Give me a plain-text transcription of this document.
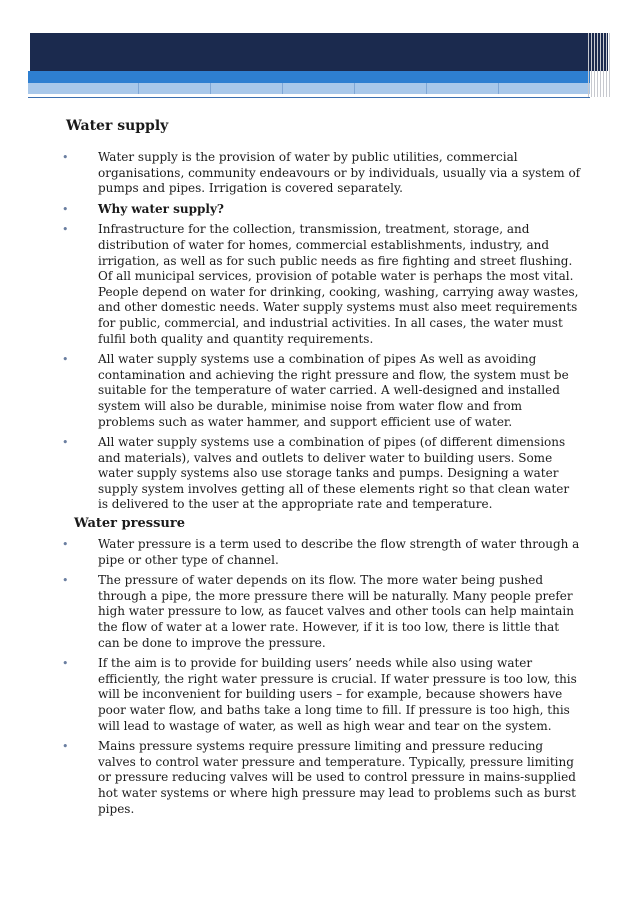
Water supply
• Water supply is the provision of water by public utilities, commercial organisations, community endeavours or by individuals, usually via a system of pumps and pipes. Irrigation is covered separately.
• Why water supply?
• Infrastructure for the collection, transmission, treatment, storage, and distribution of water for homes, commercial establishments, industry, and irrigation, as well as for such public needs as fire fighting and street flushing. Of all municipal services, provision of potable water is perhaps the most vital. People depend on water for drinking, cooking, washing, carrying away wastes, and other domestic needs. Water supply systems must also meet requirements for public, commercial, and industrial activities. In all cases, the water must fulfil both quality and quantity requirements.
• All water supply systems use a combination of pipes As well as avoiding contamination and achieving the right pressure and flow, the system must be suitable for the temperature of water carried. A well-designed and installed system will also be durable, minimise noise from water flow and from problems such as water hammer, and support efficient use of water.
• All water supply systems use a combination of pipes (of different dimensions and materials), valves and outlets to deliver water to building users. Some water supply systems also use storage tanks and pumps. Designing a water supply system involves getting all of these elements right so that clean water is delivered to the user at the appropriate rate and temperature.
Water pressure
• Water pressure is a term used to describe the flow strength of water through a pipe or other type of channel.
• The pressure of water depends on its flow. The more water being pushed through a pipe, the more pressure there will be naturally. Many people prefer high water pressure to low, as faucet valves and other tools can help maintain the flow of water at a lower rate. However, if it is too low, there is little that can be done to improve the pressure.
• If the aim is to provide for building users’ needs while also using water efficiently, the right water pressure is crucial. If water pressure is too low, this will be inconvenient for building users – for example, because showers have poor water flow, and baths take a long time to fill. If pressure is too high, this will lead to wastage of water, as well as high wear and tear on the system.
• Mains pressure systems require pressure limiting and pressure reducing valves to control water pressure and temperature. Typically, pressure limiting or pressure reducing valves will be used to control pressure in mains-supplied hot water systems or where high pressure may lead to problems such as burst pipes.
